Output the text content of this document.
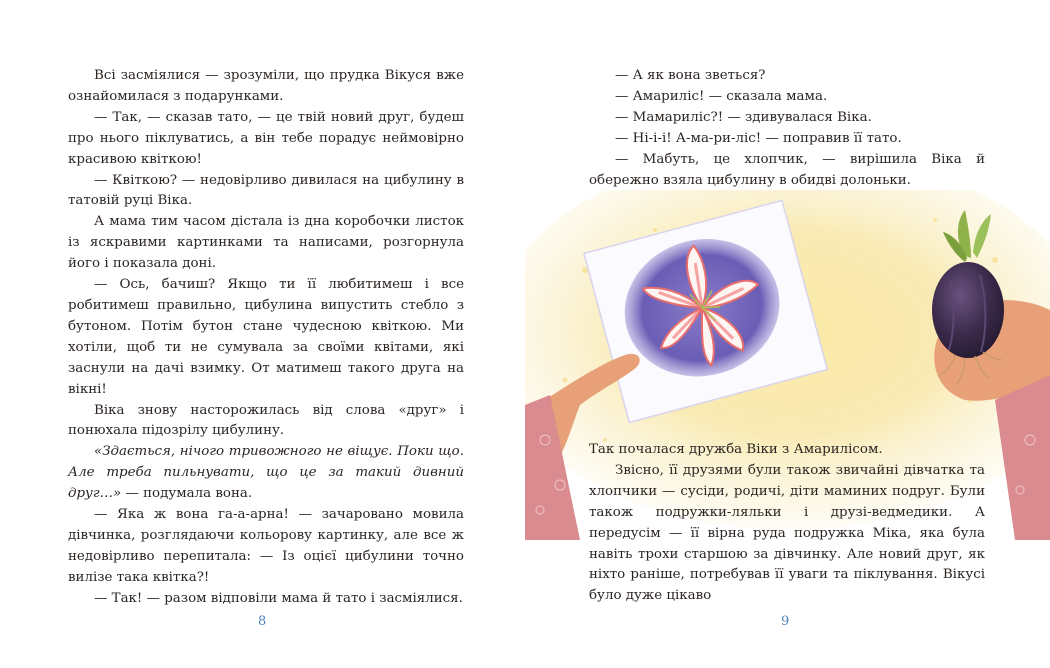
Всі засміялися — зрозуміли, що прудка Вікуся вже ознайомилася з подарунками.

— Так, — сказав тато, — це твій новий друг, будеш про нього піклуватись, а він тебе порадує неймовірно красивою квіткою!

— Квіткою? — недовірливо дивилася на цибулину в татовій руці Віка.

А мама тим часом дістала із дна коробочки листок із яскравими картинками та написами, розгорнула його і показала доні.

— Ось, бачиш? Якщо ти її любитимеш і все робитимеш правильно, цибулина випустить стебло з бутоном. Потім бутон стане чудесною квіткою. Ми хотіли, щоб ти не сумувала за своїми квітами, які заснули на дачі взимку. От матимеш такого друга на вікні!

Віка знову насторожилась від слова «друг» і понюхала підозрілу цибулину.

«Здається, нічого тривожного не віщує. Поки що. Але треба пильнувати, що це за такий дивний друг…» — подумала вона.

— Яка ж вона га-а-арна! — зачаровано мовила дівчинка, розглядаючи кольорову картинку, але все ж недовірливо перепитала: — Із оцієї цибулини точно вилізе така квітка?!

— Так! — разом відповіли мама й тато і засміялися.

8

— А як вона зветься?

— Амариліс! — сказала мама.

— Мамариліс?! — здивувалася Віка.

— Ні-і-і! А-ма-ри-ліс! — поправив її тато.

— Мабуть, це хлопчик, — вирішила Віка й обережно взяла цибулину в обидві долоньки.

Так почалася дружба Віки з Амарилісом.

Звісно, її друзями були також звичайні дівчатка та хлопчики — сусіди, родичі, діти маминих подруг. Були також подружки-ляльки і друзі-ведмедики. А передусім — її вірна руда подружка Міка, яка була навіть трохи старшою за дівчинку. Але новий друг, як ніхто раніше, потребував її уваги та піклування. Вікусі було дуже цікаво

9
